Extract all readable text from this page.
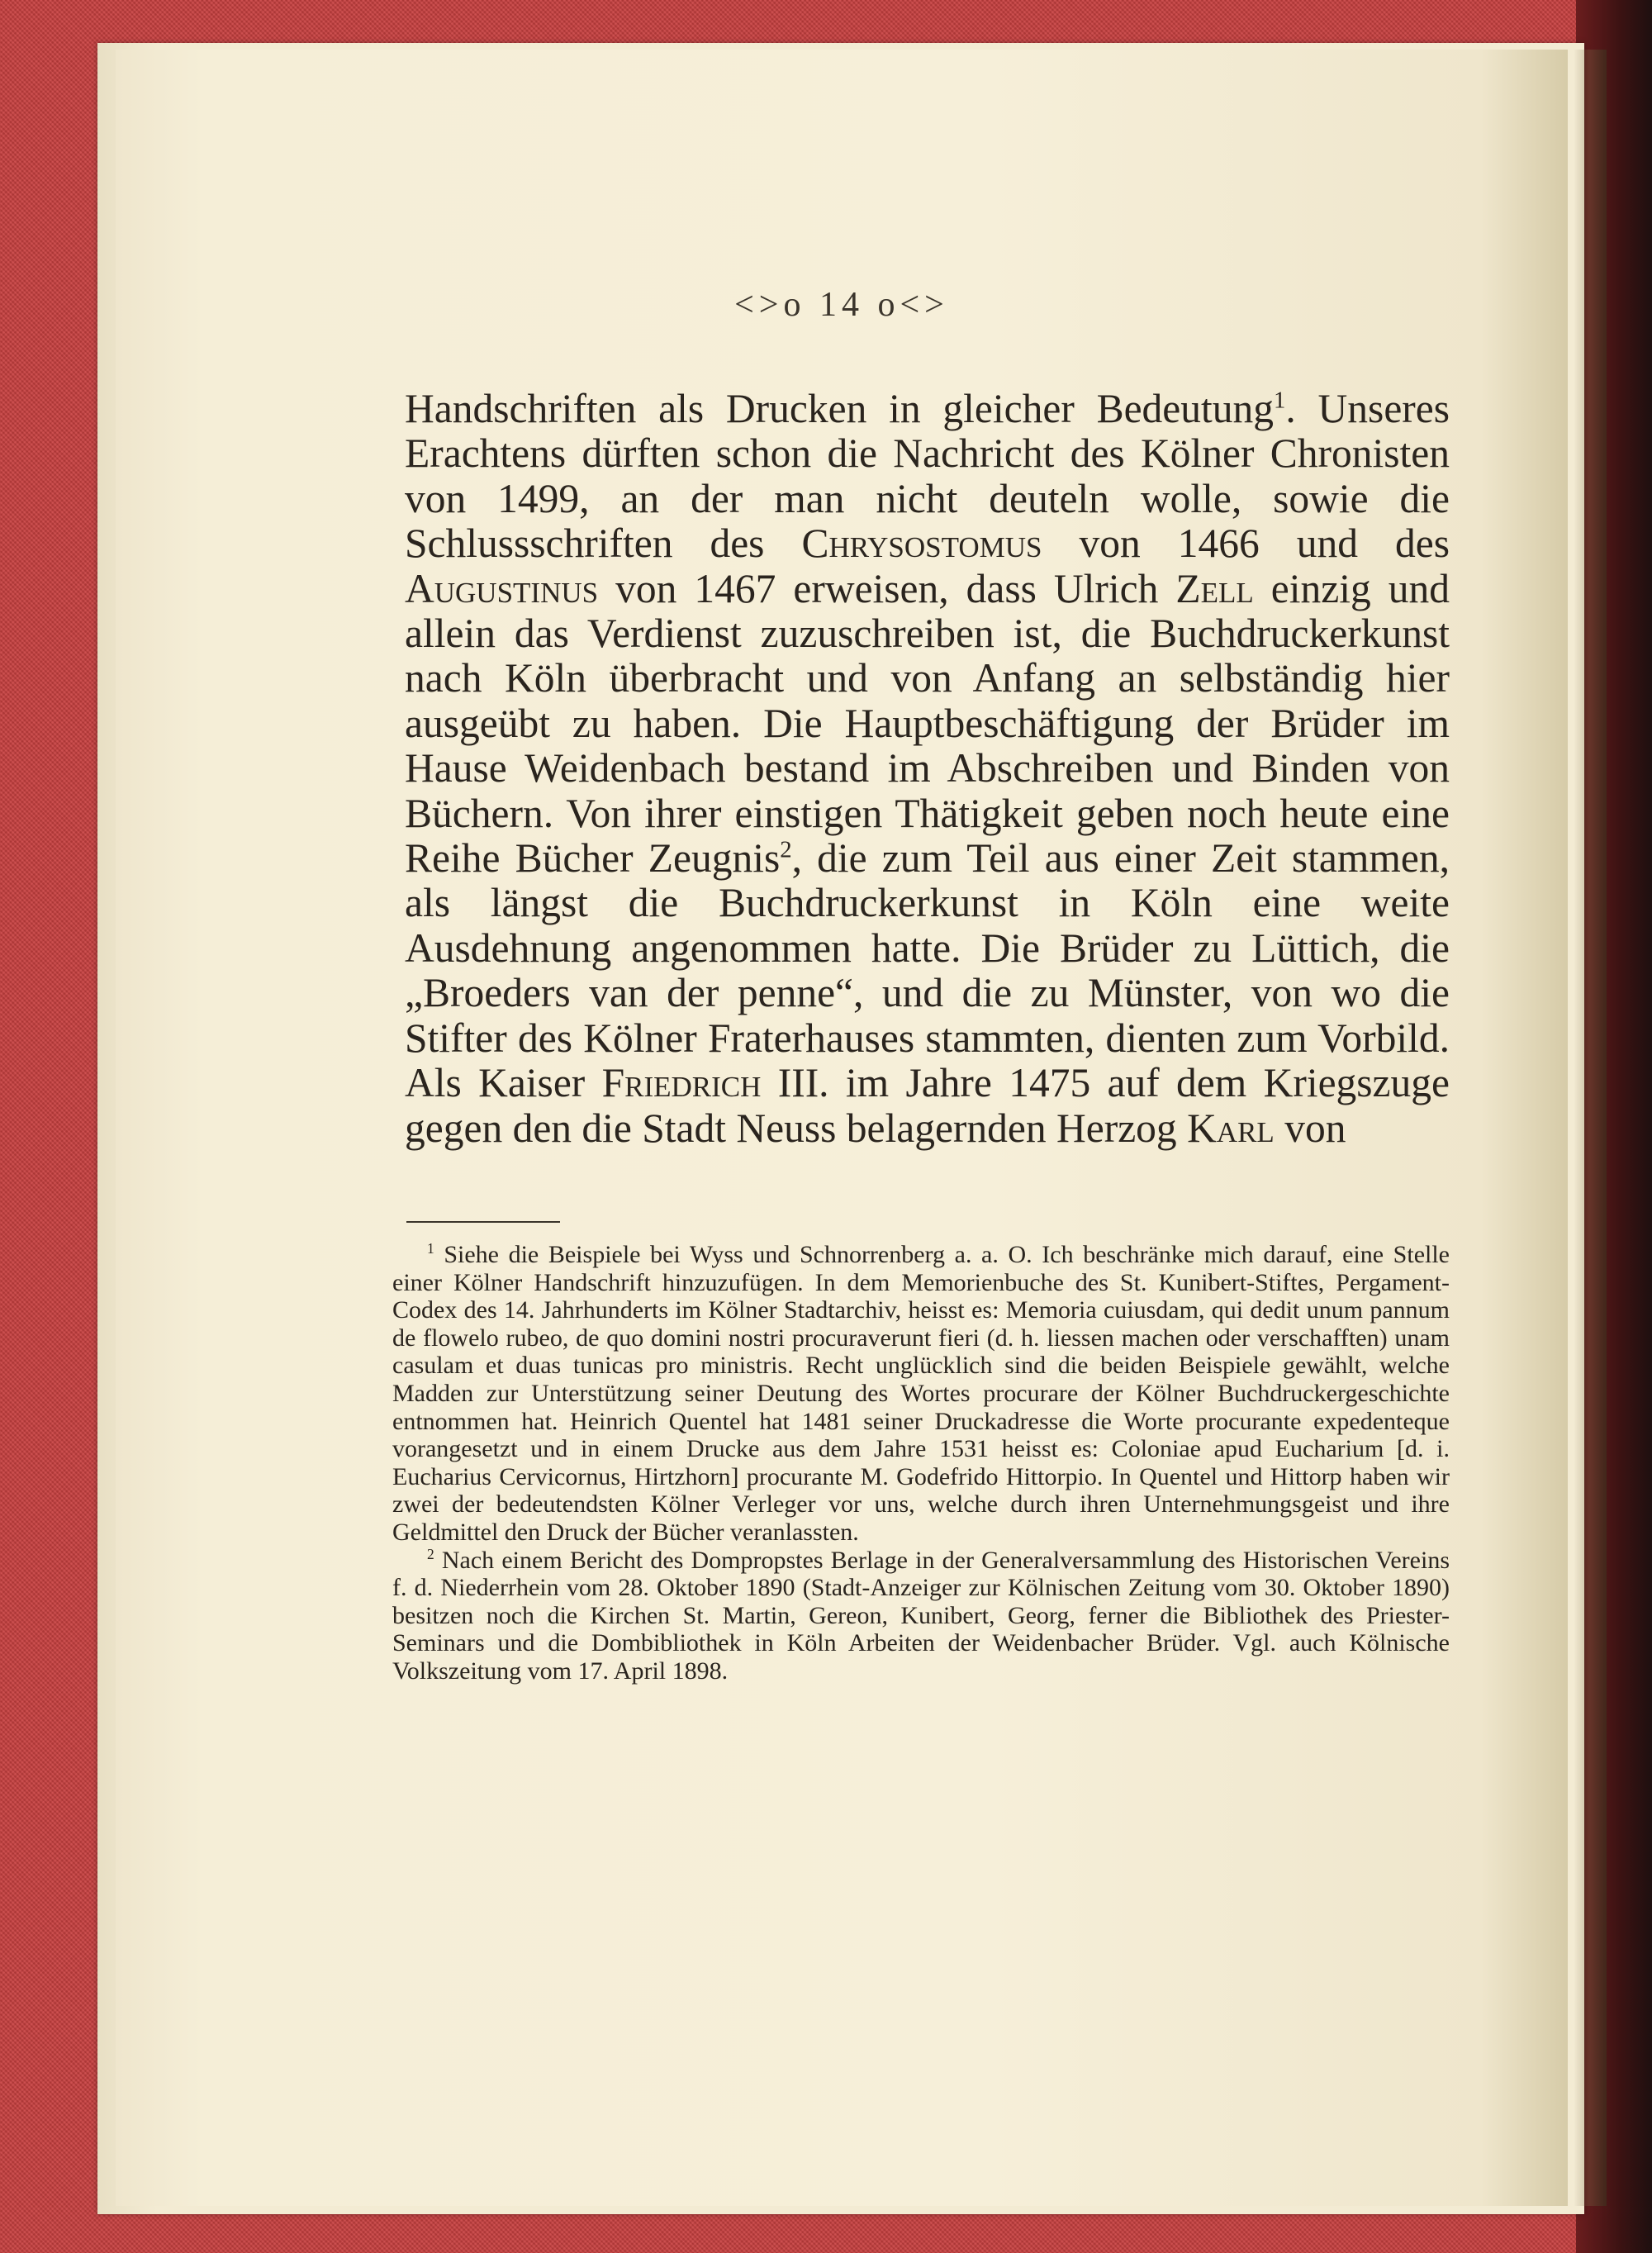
<>o 14 o<>

Handschriften als Drucken in gleicher Bedeutung$^1$. Unseres Erachtens dürften schon die Nachricht des Kölner Chronisten von 1499, an der man nicht deuteln wolle, sowie die Schlussschriften des Chrysostomus von 1466 und des Augustinus von 1467 erweisen, dass Ulrich Zell einzig und allein das Verdienst zuzuschreiben ist, die Buchdruckerkunst nach Köln überbracht und von Anfang an selbständig hier ausgeübt zu haben. Die Hauptbeschäftigung der Brüder im Hause Weidenbach bestand im Abschreiben und Binden von Büchern. Von ihrer einstigen Thätigkeit geben noch heute eine Reihe Bücher Zeugnis$^2$, die zum Teil aus einer Zeit stammen, als längst die Buchdruckerkunst in Köln eine weite Ausdehnung angenommen hatte. Die Brüder zu Lüttich, die „Broeders van der penne“, und die zu Münster, von wo die Stifter des Kölner Fraterhauses stammten, dienten zum Vorbild. Als Kaiser Friedrich III. im Jahre 1475 auf dem Kriegszuge gegen den die Stadt Neuss belagernden Herzog Karl von

$^1$ Siehe die Beispiele bei Wyss und Schnorrenberg a. a. O. Ich beschränke mich darauf, eine Stelle einer Kölner Handschrift hinzuzufügen. In dem Memorienbuche des St. Kunibert-Stiftes, Pergament-Codex des 14. Jahrhunderts im Kölner Stadtarchiv, heisst es: Memoria cuiusdam, qui dedit unum pannum de flowelo rubeo, de quo domini nostri procuraverunt fieri (d. h. liessen machen oder verschafften) unam casulam et duas tunicas pro ministris. Recht unglücklich sind die beiden Beispiele gewählt, welche Madden zur Unterstützung seiner Deutung des Wortes procurare der Kölner Buchdruckergeschichte entnommen hat. Heinrich Quentel hat 1481 seiner Druckadresse die Worte procurante expedenteque vorangesetzt und in einem Drucke aus dem Jahre 1531 heisst es: Coloniae apud Eucharium [d. i. Eucharius Cervicornus, Hirtzhorn] procurante M. Godefrido Hittorpio. In Quentel und Hittorp haben wir zwei der bedeutendsten Kölner Verleger vor uns, welche durch ihren Unternehmungsgeist und ihre Geldmittel den Druck der Bücher veranlassten.

$^2$ Nach einem Bericht des Dompropstes Berlage in der Generalversammlung des Historischen Vereins f. d. Niederrhein vom 28. Oktober 1890 (Stadt-Anzeiger zur Kölnischen Zeitung vom 30. Oktober 1890) besitzen noch die Kirchen St. Martin, Gereon, Kunibert, Georg, ferner die Bibliothek des Priester-Seminars und die Dombibliothek in Köln Arbeiten der Weidenbacher Brüder. Vgl. auch Kölnische Volkszeitung vom 17. April 1898.
